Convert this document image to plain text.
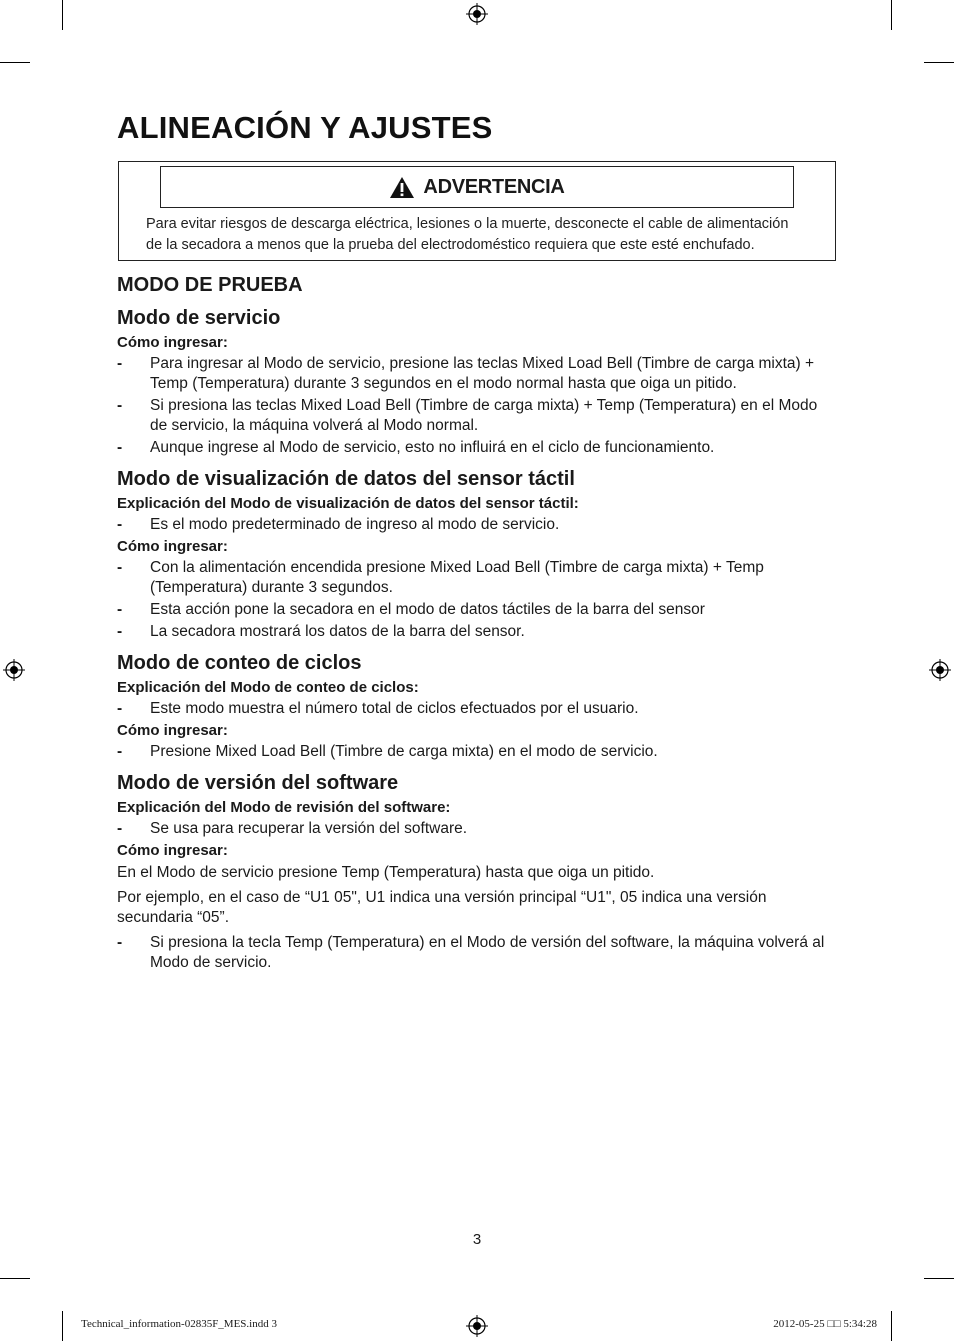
ALINEACIÓN Y AJUSTES
ADVERTENCIA
Para evitar riesgos de descarga eléctrica, lesiones o la muerte, desconecte el cable de alimentación
de la secadora a menos que la prueba del electrodoméstico requiera que este esté enchufado.
MODO DE PRUEBA
Modo de servicio
Cómo ingresar:
- Para ingresar al Modo de servicio, presione las teclas Mixed Load Bell (Timbre de carga mixta) + Temp (Temperatura) durante 3 segundos en el modo normal hasta que oiga un pitido.
- Si presiona las teclas Mixed Load Bell (Timbre de carga mixta) + Temp (Temperatura) en el Modo de servicio, la máquina volverá al Modo normal.
- Aunque ingrese al Modo de servicio, esto no influirá en el ciclo de funcionamiento.
Modo de visualización de datos del sensor táctil
Explicación del Modo de visualización de datos del sensor táctil:
- Es el modo predeterminado de ingreso al modo de servicio.
Cómo ingresar:
- Con la alimentación encendida presione Mixed Load Bell (Timbre de carga mixta) + Temp (Temperatura) durante 3 segundos.
- Esta acción pone la secadora en el modo de datos táctiles de la barra del sensor
- La secadora mostrará los datos de la barra del sensor.
Modo de conteo de ciclos
Explicación del Modo de conteo de ciclos:
- Este modo muestra el número total de ciclos efectuados por el usuario.
Cómo ingresar:
- Presione Mixed Load Bell (Timbre de carga mixta) en el modo de servicio.
Modo de versión del software
Explicación del Modo de revisión del software:
- Se usa para recuperar la versión del software.
Cómo ingresar:

En el Modo de servicio presione Temp (Temperatura) hasta que oiga un pitido.

Por ejemplo, en el caso de “U1 05", U1 indica una versión principal “U1", 05 indica una versión secundaria “05”.

- Si presiona la tecla Temp (Temperatura) en el Modo de versión del software, la máquina volverá al Modo de servicio.
3
Technical_information-02835F_MES.indd 3	2012-05-25 □□ 5:34:28
